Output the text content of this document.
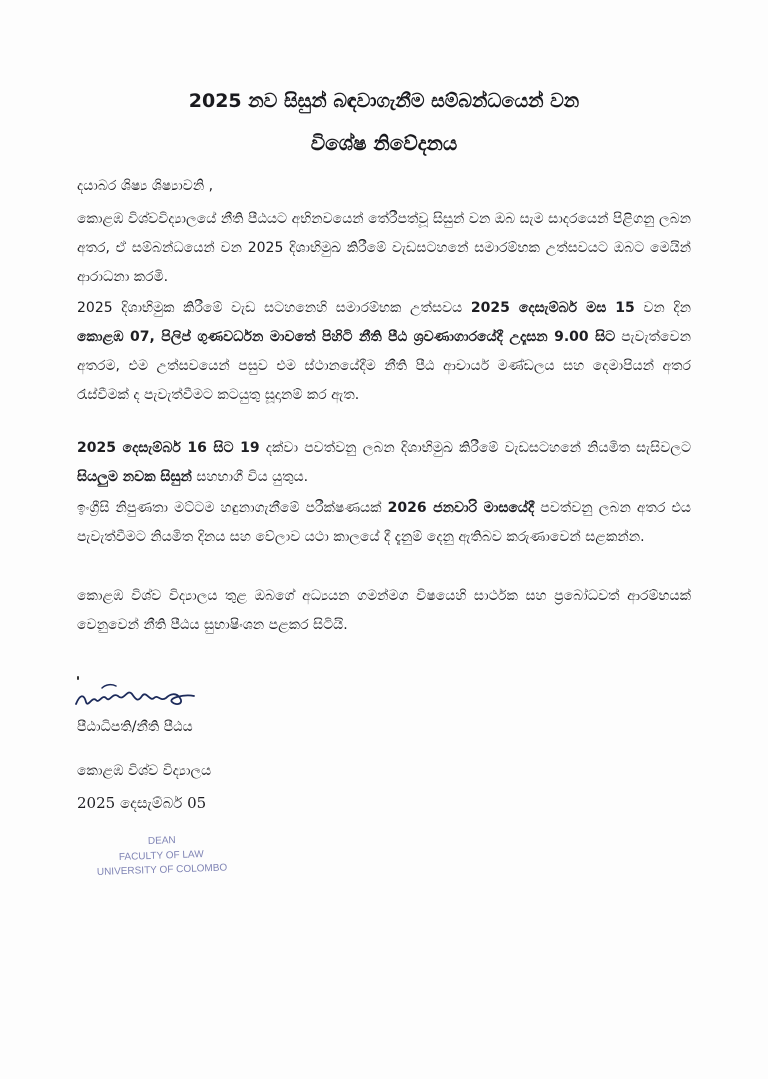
2025 නව සිසුන් බඳවාගැනීම සම්බන්ධයෙන් වන
විශේෂ නිවේදනය
දයාබර ශිෂ්‍ය ශිෂ්‍යාවනි ,

කොළඹ විශ්වවිද්‍යාලයේ නීති පීඨයට අභිනවයෙන් තේරීපත්වූ සිසුන් වන ඔබ සැම සාදරයෙන් පිළිගනු ලබන අතර, ඒ සම්බන්ධයෙන් වන 2025 දිශාභිමුඛ කිරීමේ වැඩසටහනේ සමාරම්භක උත්සවයට ඔබට මෙයින් ආරාධනා කරමි.

2025 දිශාභිමුක කිරීමේ වැඩ සටහනෙහි සමාරම්භක උත්සවය 2025 දෙසැම්බර් මස 15 වන දින කොළඹ 07, පිලිප් ගුණවර්ධන මාවතේ පිහිටි නීති පීඨ ශ්‍රවණාගාරයේදී උදෑසන 9.00 සිට පැවැත්වෙන අතරම, එම උත්සවයෙන් පසුව එම ස්ථානයේදීම නීති පීඨ ආචාර්ය මණ්ඩලය සහ දෙමාපියන් අතර රැස්වීමක් ද පැවැත්වීමට කටයුතු සූදානම් කර ඇත.

2025 දෙසැම්බර් 16 සිට 19 දක්වා පවත්වනු ලබන දිශාභිමුඛ කිරීමේ වැඩසටහනේ නියමිත සැසිවලට සියලුම නවක සිසුන් සහභාගී විය යුතුය.

ඉංග්‍රීසි නිපුණතා මට්ටම හඳුනාගැනීමේ පරීක්ෂණයක් 2026 ජනවාරි මාසයේදී පවත්වනු ලබන අතර එය පැවැත්වීමට නියමිත දිනය සහ වේලාව යථා කාලයේ දී දැනුම් දෙනු ඇතිබව කරුණාවෙන් සළකන්න.

කොළඹ විශ්ව විද්‍යාලය තුළ ඔබගේ අධ්‍යයන ගමන්මග විෂයෙහි සාර්ථක සහ ප්‍රබෝධවත් ආරම්භයක් වෙනුවෙන් නීති පීඨය සුභාෂිංශන පළකර සිටියි.

පීඨාධිපති/නීති පීඨය
කොළඹ විශ්ව විද්‍යාලය
2025 දෙසැම්බර් 05
DEAN
FACULTY OF LAW
UNIVERSITY OF COLOMBO
